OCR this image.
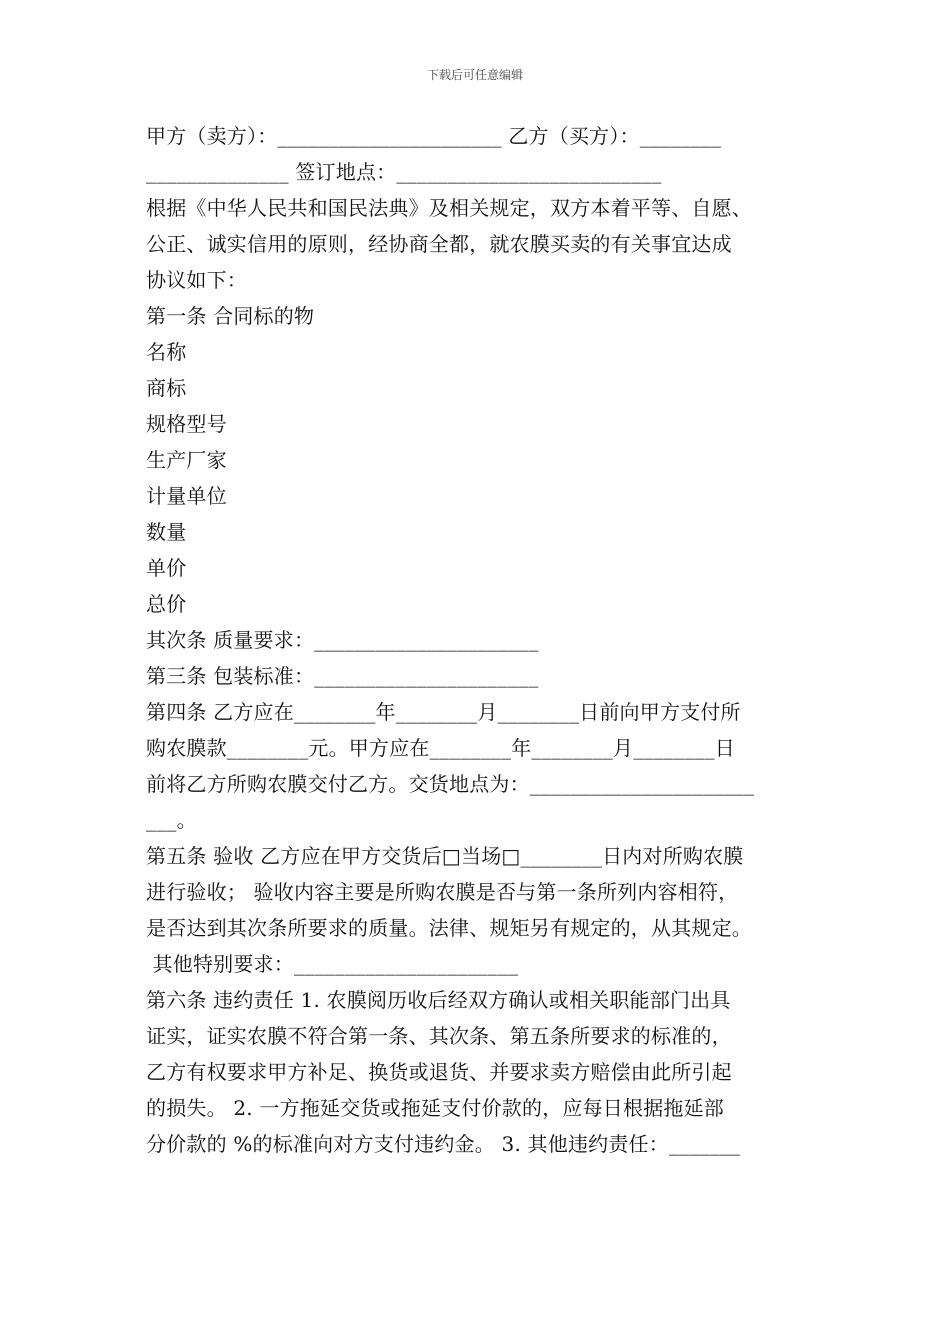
下载后可任意编辑
甲方（卖方）：______________________ 乙方（买方）：________
______________ 签订地点：__________________________
根据《中华人民共和国民法典》及相关规定，双方本着平等、自愿、
公正、诚实信用的原则，经协商全都，就农膜买卖的有关事宜达成
协议如下：
第一条 合同标的物
名称
商标
规格型号
生产厂家
计量单位
数量
单价
总价
其次条 质量要求：______________________
第三条 包装标准：______________________
第四条 乙方应在________年________月________日前向甲方支付所
购农膜款________元。甲方应在________年________月________日
前将乙方所购农膜交付乙方。交货地点为：______________________
___。
第五条 验收 乙方应在甲方交货后□当场□________日内对所购农膜
进行验收； 验收内容主要是所购农膜是否与第一条所列内容相符，
是否达到其次条所要求的质量。法律、规矩另有规定的，从其规定。
其他特别要求：______________________
第六条 违约责任 1. 农膜阅历收后经双方确认或相关职能部门出具
证实，证实农膜不符合第一条、其次条、第五条所要求的标准的，
乙方有权要求甲方补足、换货或退货、并要求卖方赔偿由此所引起
的损失。 2. 一方拖延交货或拖延支付价款的，应每日根据拖延部
分价款的 %的标准向对方支付违约金。 3. 其他违约责任：_______
